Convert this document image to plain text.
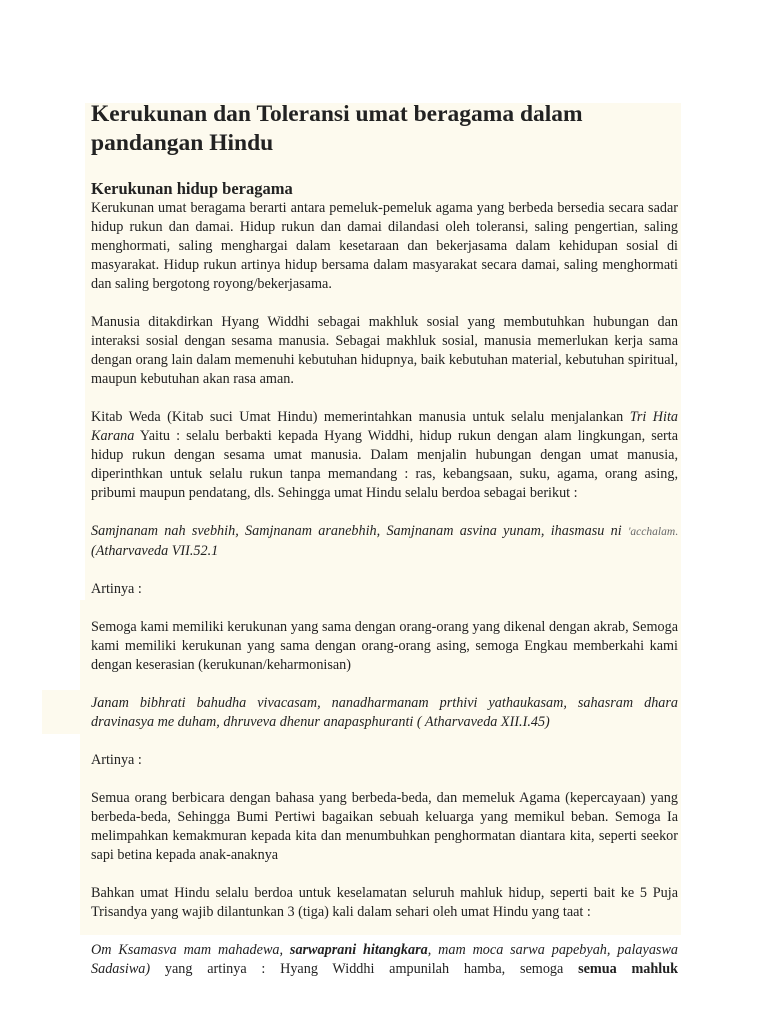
Kerukunan dan Toleransi umat beragama dalam pandangan Hindu
Kerukunan hidup beragama

Kerukunan umat beragama berarti antara pemeluk-pemeluk agama yang berbeda bersedia secara sadar hidup rukun dan damai. Hidup rukun dan damai dilandasi oleh toleransi, saling pengertian, saling menghormati, saling menghargai dalam kesetaraan dan bekerjasama dalam kehidupan sosial di masyarakat. Hidup rukun artinya hidup bersama dalam masyarakat secara damai, saling menghormati dan saling bergotong royong/bekerjasama.

Manusia ditakdirkan Hyang Widdhi sebagai makhluk sosial yang membutuhkan hubungan dan interaksi sosial dengan sesama manusia. Sebagai makhluk sosial, manusia memerlukan kerja sama dengan orang lain dalam memenuhi kebutuhan hidupnya, baik kebutuhan material, kebutuhan spiritual, maupun kebutuhan akan rasa aman.

Kitab Weda (Kitab suci Umat Hindu) memerintahkan manusia untuk selalu menjalankan Tri Hita Karana Yaitu : selalu berbakti kepada Hyang Widdhi, hidup rukun dengan alam lingkungan, serta hidup rukun dengan sesama umat manusia. Dalam menjalin hubungan dengan umat manusia, diperinthkan untuk selalu rukun tanpa memandang : ras, kebangsaan, suku, agama, orang asing, pribumi maupun pendatang, dls. Sehingga umat Hindu selalu berdoa sebagai berikut :

Samjnanam nah svebhih, Samjnanam aranebhih, Samjnanam asvina yunam, ihasmasu ni 'acchalam.(Atharvaveda VII.52.1

Artinya :

Semoga kami memiliki kerukunan yang sama dengan orang-orang yang dikenal dengan akrab, Semoga kami memiliki kerukunan yang sama dengan orang-orang asing, semoga Engkau memberkahi kami dengan keserasian (kerukunan/keharmonisan)

Janam bibhrati bahudha vivacasam, nanadharmanam prthivi yathaukasam, sahasram dhara dravinasya me duham, dhruveva dhenur anapasphuranti ( Atharvaveda XII.I.45)

Artinya :

Semua orang berbicara dengan bahasa yang berbeda-beda, dan memeluk Agama (kepercayaan) yang berbeda-beda, Sehingga Bumi Pertiwi bagaikan sebuah keluarga yang memikul beban. Semoga Ia melimpahkan kemakmuran kepada kita dan menumbuhkan penghormatan diantara kita, seperti seekor sapi betina kepada anak-anaknya

Bahkan umat Hindu selalu berdoa untuk keselamatan seluruh mahluk hidup, seperti bait ke 5 Puja Trisandya yang wajib dilantunkan 3 (tiga) kali dalam sehari oleh umat Hindu yang taat :

Om Ksamasva mam mahadewa, sarwaprani hitangkara, mam moca sarwa papebyah, palayaswa Sadasiwa) yang artinya : Hyang Widdhi ampunilah hamba, semoga semua mahluk
